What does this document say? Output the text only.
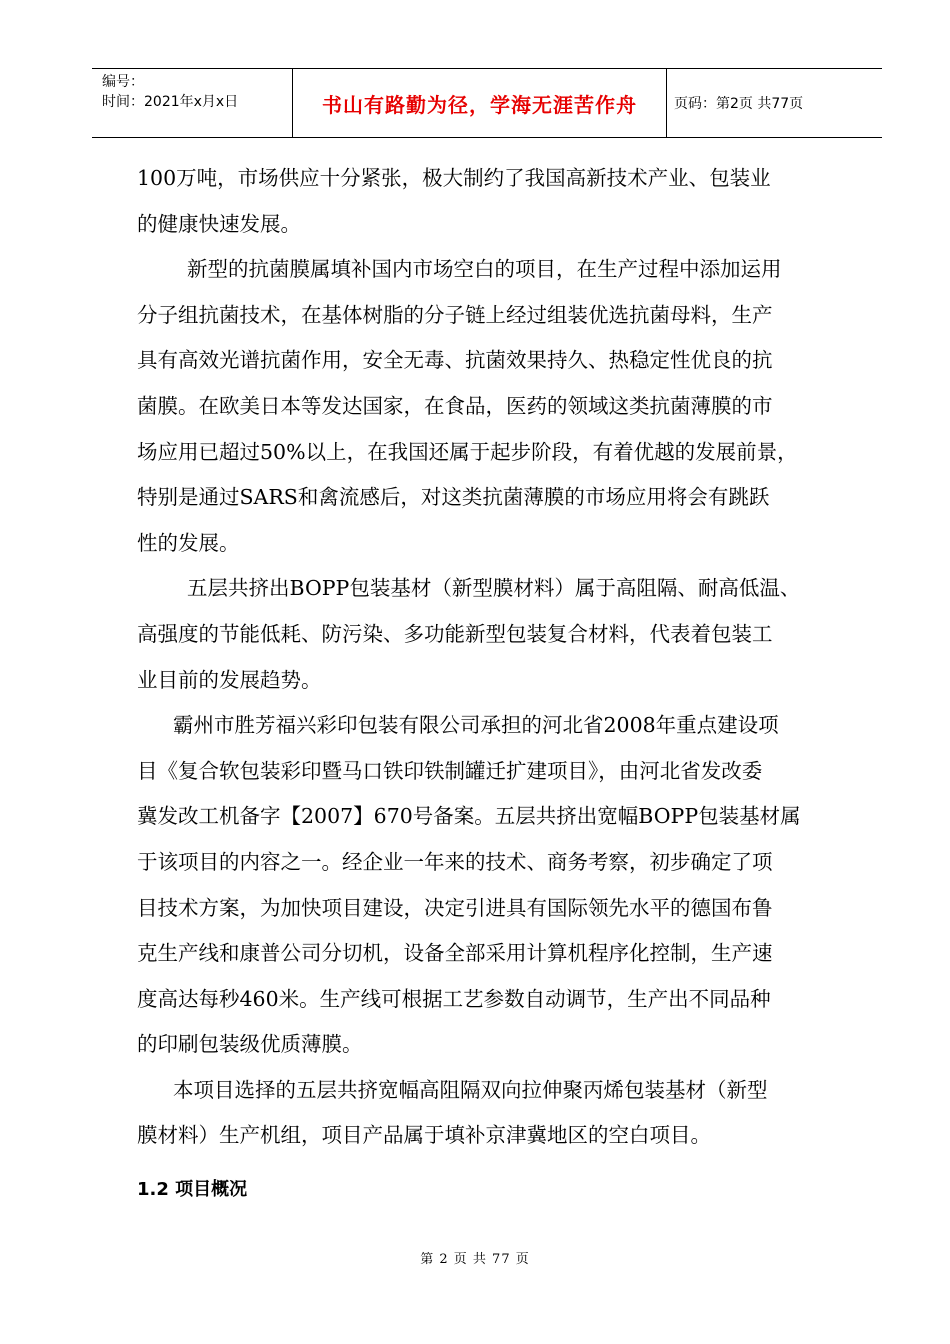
编号：
时间：2021年x月x日	书山有路勤为径，学海无涯苦作舟	页码：第2页 共77页
100万吨，市场供应十分紧张，极大制约了我国高新技术产业、包装业
的健康快速发展。
新型的抗菌膜属填补国内市场空白的项目，在生产过程中添加运用
分子组抗菌技术，在基体树脂的分子链上经过组装优选抗菌母料，生产
具有高效光谱抗菌作用，安全无毒、抗菌效果持久、热稳定性优良的抗
菌膜。在欧美日本等发达国家，在食品，医药的领域这类抗菌薄膜的市
场应用已超过50%以上，在我国还属于起步阶段，有着优越的发展前景，
特别是通过SARS和禽流感后，对这类抗菌薄膜的市场应用将会有跳跃
性的发展。
五层共挤出BOPP包装基材（新型膜材料）属于高阻隔、耐高低温、
高强度的节能低耗、防污染、多功能新型包装复合材料，代表着包装工
业目前的发展趋势。
霸州市胜芳福兴彩印包装有限公司承担的河北省2008年重点建设项
目《复合软包装彩印暨马口铁印铁制罐迁扩建项目》，由河北省发改委
冀发改工机备字【2007】670号备案。五层共挤出宽幅BOPP包装基材属
于该项目的内容之一。经企业一年来的技术、商务考察，初步确定了项
目技术方案，为加快项目建设，决定引进具有国际领先水平的德国布鲁
克生产线和康普公司分切机，设备全部采用计算机程序化控制，生产速
度高达每秒460米。生产线可根据工艺参数自动调节，生产出不同品种
的印刷包装级优质薄膜。
本项目选择的五层共挤宽幅高阻隔双向拉伸聚丙烯包装基材（新型
膜材料）生产机组，项目产品属于填补京津冀地区的空白项目。
1.2 项目概况
第 2 页 共 77 页
